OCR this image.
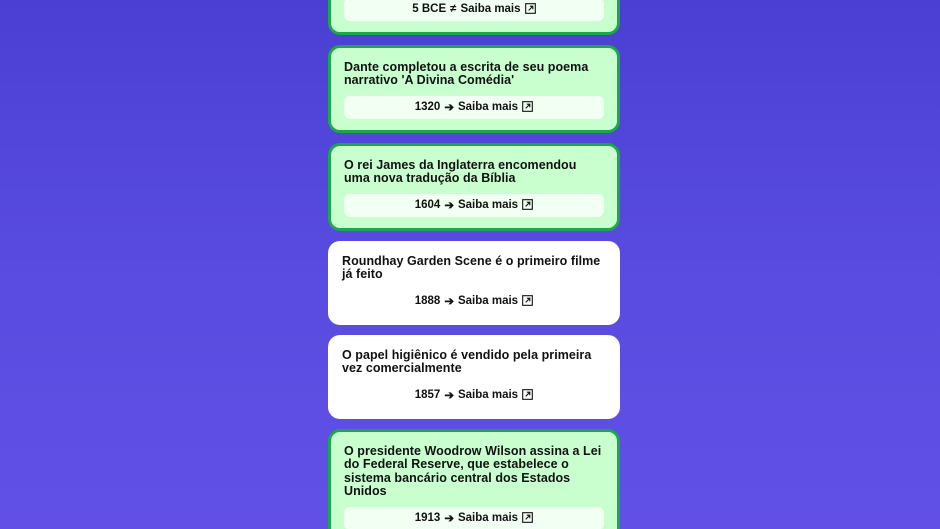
5 BCE ≠ Saiba mais
Dante completou a escrita de seu poema narrativo 'A Divina Comédia'
1320 ➔ Saiba mais
O rei James da Inglaterra encomendou uma nova tradução da Bíblia
1604 ➔ Saiba mais
Roundhay Garden Scene é o primeiro filme já feito
1888 ➔ Saiba mais
O papel higiênico é vendido pela primeira vez comercialmente
1857 ➔ Saiba mais
O presidente Woodrow Wilson assina a Lei do Federal Reserve, que estabelece o sistema bancário central dos Estados Unidos
1913 ➔ Saiba mais
